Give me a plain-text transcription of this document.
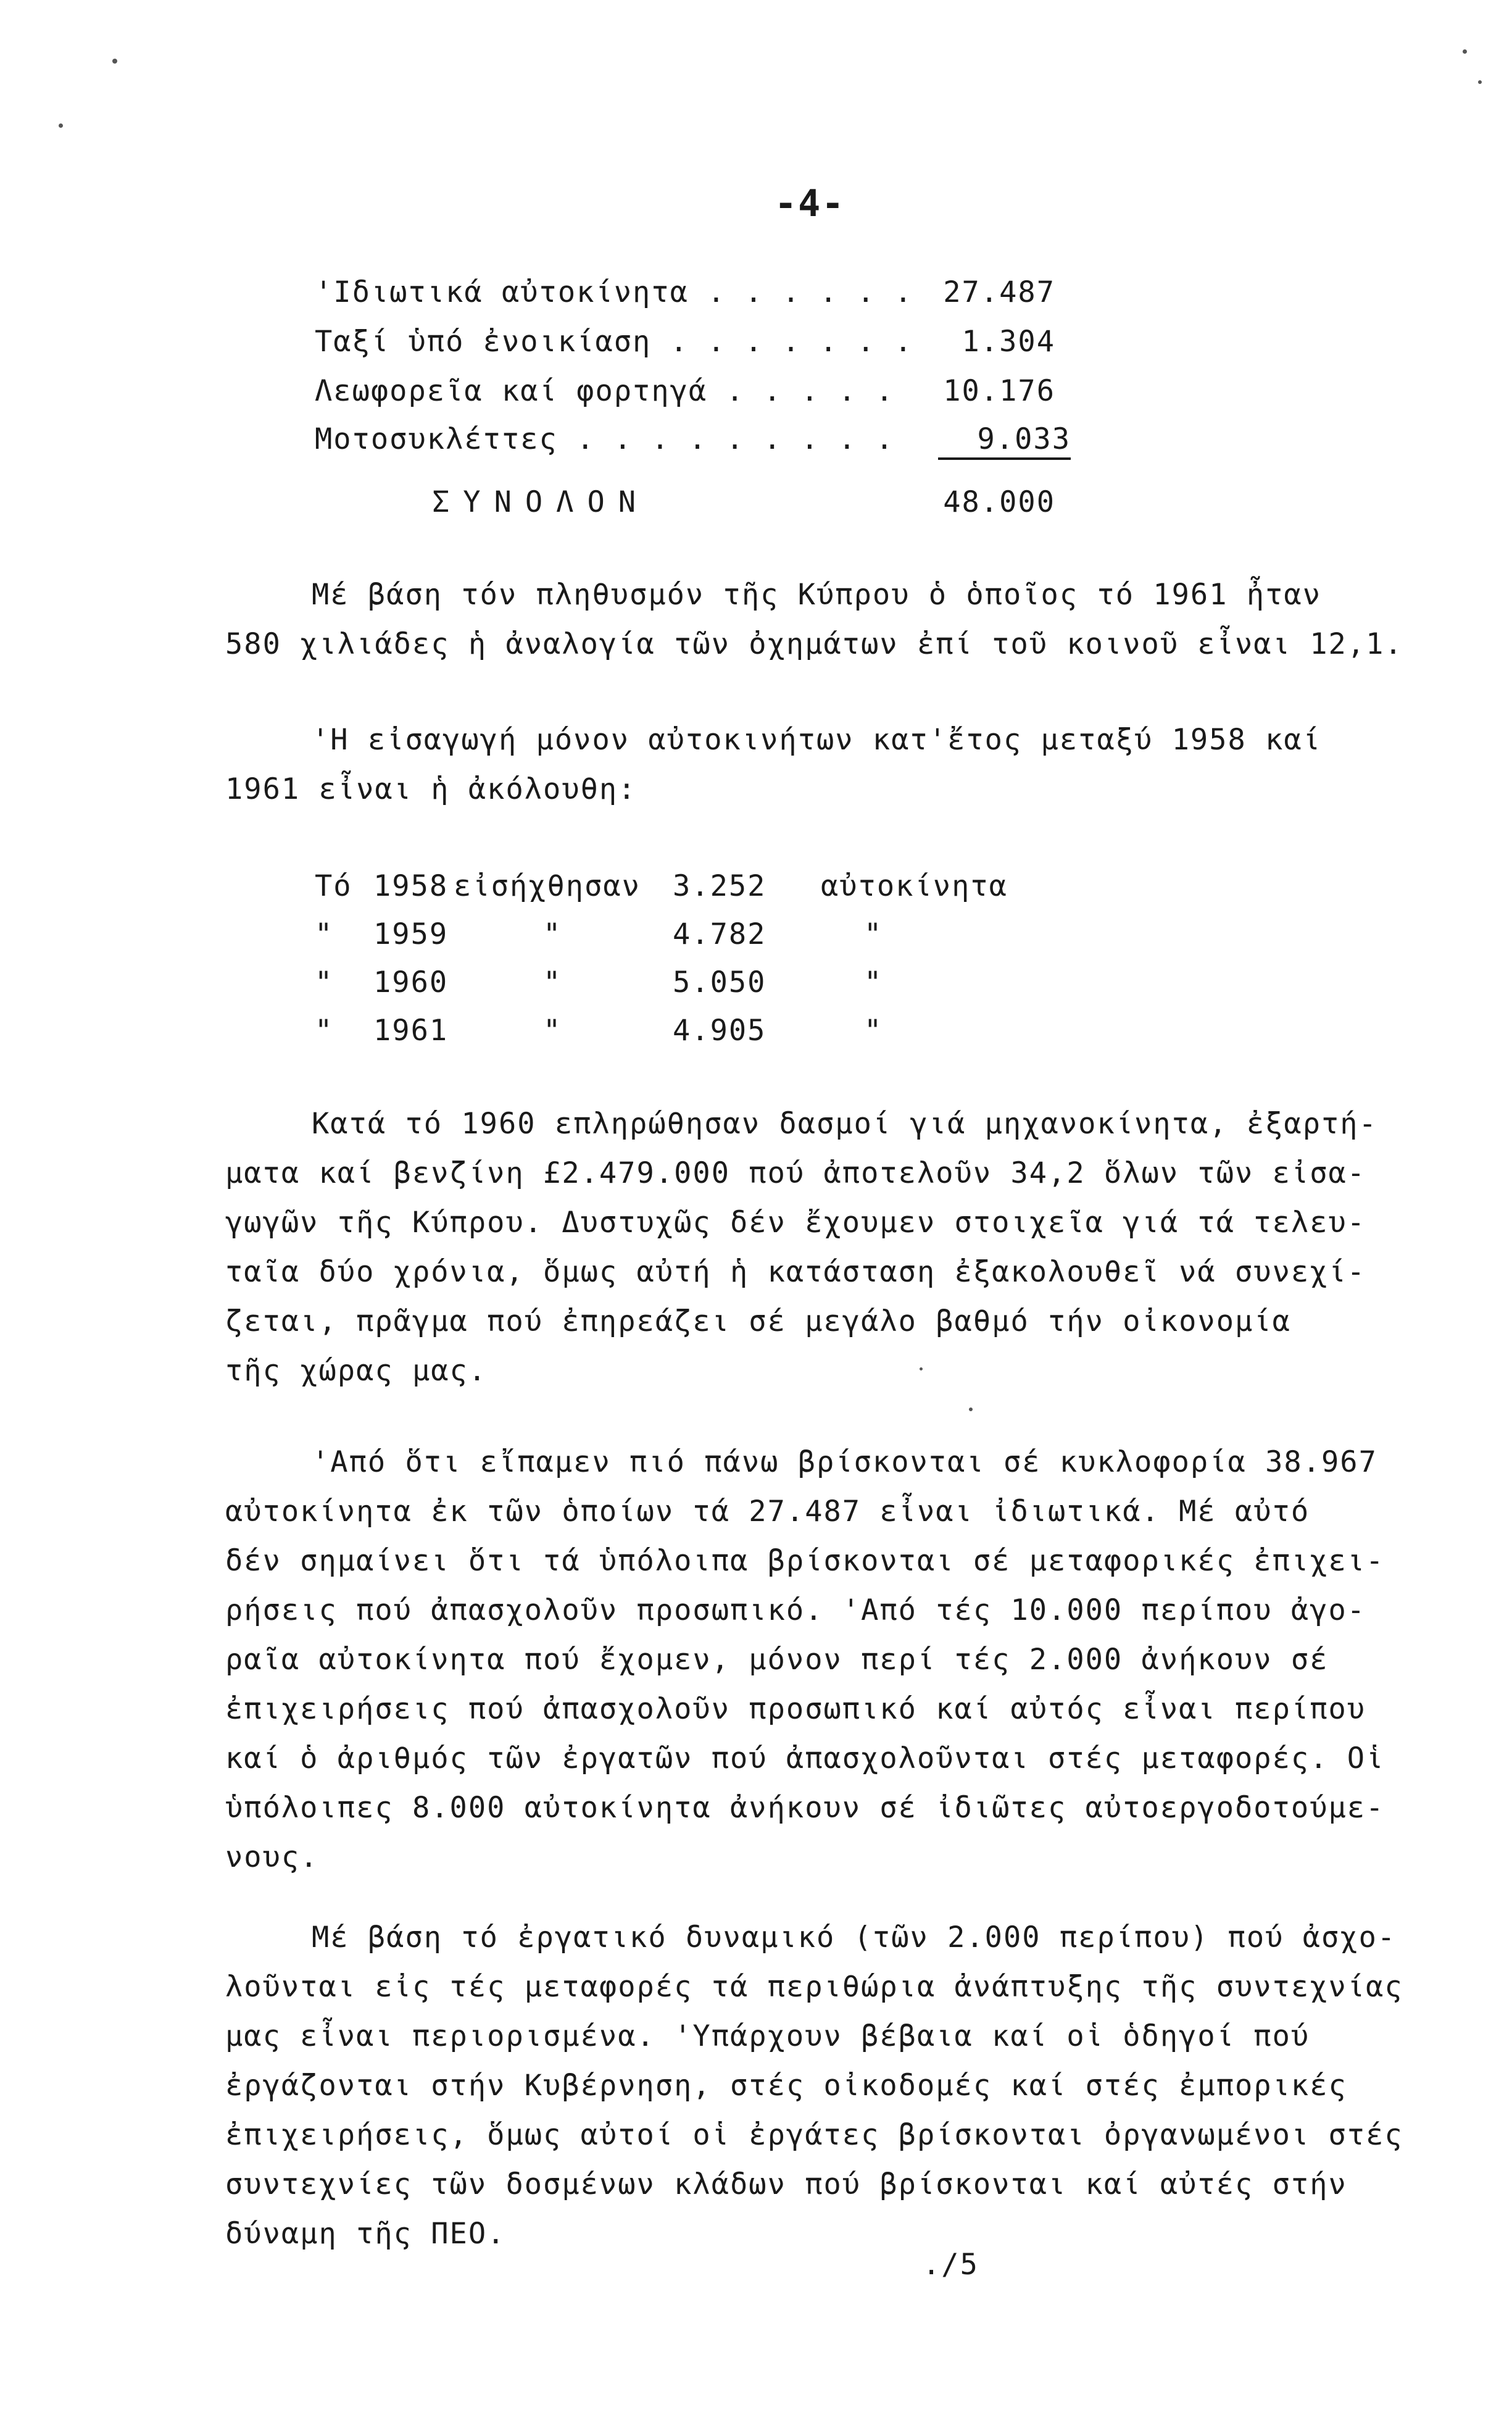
-4-
'Ιδιωτικά αὐτοκίνητα . . . . . .	27.487
Ταξί ὑπό ἐνοικίαση . . . . . . .	1.304
Λεωφορεῖα καί φορτηγά . . . . .	10.176
Μοτοσυκλέττες . . . . . . . . .	9.033
ΣΥΝΟΛΟΝ	48.000
Μέ βάση τόν πληθυσμόν τῆς Κύπρου ὁ ὁποῖος τό 1961 ἦταν
580 χιλιάδες ἡ ἀναλογία τῶν ὀχημάτων ἐπί τοῦ κοινοῦ εἶναι 12,1.
'Η εἰσαγωγή μόνον αὐτοκινήτων κατ'ἔτος μεταξύ 1958 καί
1961 εἶναι ἡ ἀκόλουθη:
Τό 1958 εἰσήχθησαν 3.252 αὐτοκίνητα
" 1959	"	4.782	"
" 1960	"	5.050	"
" 1961	"	4.905	"
Κατά τό 1960 επληρώθησαν δασμοί γιά μηχανοκίνητα, ἐξαρτή-
ματα καί βενζίνη £2.479.000 πού ἀποτελοῦν 34,2 ὅλων τῶν εἰσα-
γωγῶν τῆς Κύπρου. Δυστυχῶς δέν ἔχουμεν στοιχεῖα γιά τά τελευ-
ταῖα δύο χρόνια, ὅμως αὐτή ἡ κατάσταση ἐξακολουθεῖ νά συνεχί-
ζεται, πρᾶγμα πού ἐπηρεάζει σέ μεγάλο βαθμό τήν οἰκονομία
τῆς χώρας μας.
'Από ὅτι εἴπαμεν πιό πάνω βρίσκονται σέ κυκλοφορία 38.967
αὐτοκίνητα ἐκ τῶν ὁποίων τά 27.487 εἶναι ἰδιωτικά. Μέ αὐτό
δέν σημαίνει ὅτι τά ὑπόλοιπα βρίσκονται σέ μεταφορικές ἐπιχει-
ρήσεις πού ἀπασχολοῦν προσωπικό. 'Από τές 10.000 περίπου ἀγο-
ραῖα αὐτοκίνητα πού ἔχομεν, μόνον περί τές 2.000 ἀνήκουν σέ
ἐπιχειρήσεις πού ἀπασχολοῦν προσωπικό καί αὐτός εἶναι περίπου
καί ὁ ἀριθμός τῶν ἐργατῶν πού ἀπασχολοῦνται στές μεταφορές. Οἱ
ὑπόλοιπες 8.000 αὐτοκίνητα ἀνήκουν σέ ἰδιῶτες αὐτοεργοδοτούμε-
νους.
Μέ βάση τό ἐργατικό δυναμικό (τῶν 2.000 περίπου) πού ἀσχο-
λοῦνται εἰς τές μεταφορές τά περιθώρια ἀνάπτυξης τῆς συντεχνίας
μας εἶναι περιορισμένα. 'Υπάρχουν βέβαια καί οἱ ὁδηγοί πού
ἐργάζονται στήν Κυβέρνηση, στές οἰκοδομές καί στές ἐμπορικές
ἐπιχειρήσεις, ὅμως αὐτοί οἱ ἐργάτες βρίσκονται ὀργανωμένοι στές
συντεχνίες τῶν δοσμένων κλάδων πού βρίσκονται καί αὐτές στήν
δύναμη τῆς ΠΕΟ.
./5
